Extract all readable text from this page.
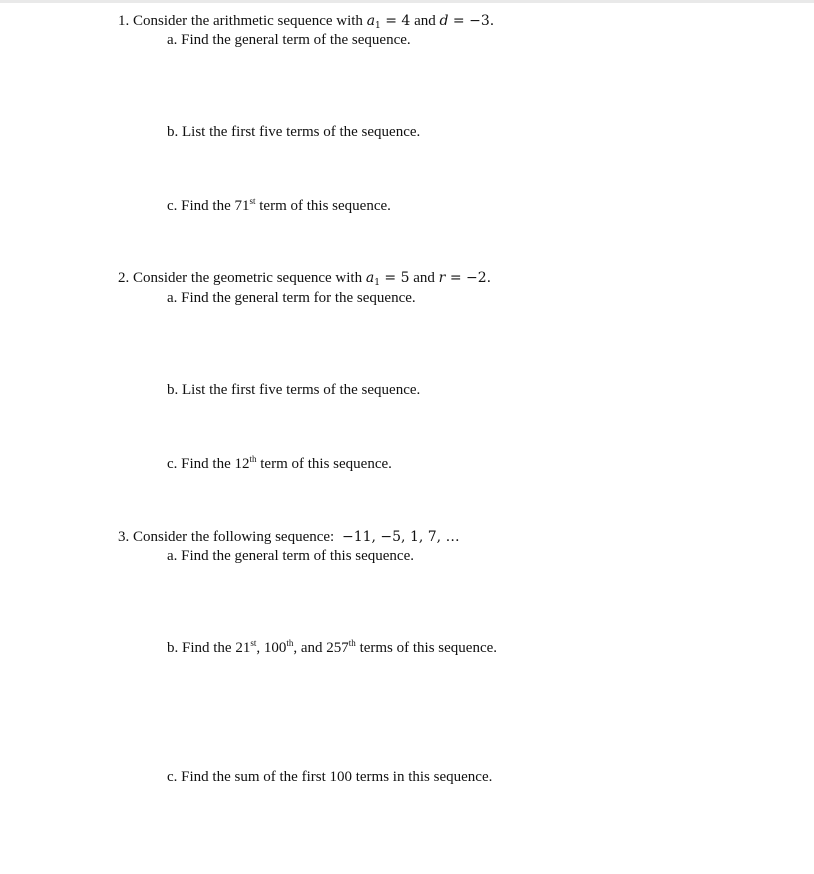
1. Consider the arithmetic sequence with $a_1 = 4$ and d = −3.
a. Find the general term of the sequence.
b. List the first five terms of the sequence.
c. Find the 71st term of this sequence.
2. Consider the geometric sequence with $a_1 = 5$ and r = −2.
a. Find the general term for the sequence.
b. List the first five terms of the sequence.
c. Find the 12th term of this sequence.
3. Consider the following sequence: −11, −5, 1, 7, …
a. Find the general term of this sequence.
b. Find the 21st, 100th, and 257th terms of this sequence.
c. Find the sum of the first 100 terms in this sequence.
